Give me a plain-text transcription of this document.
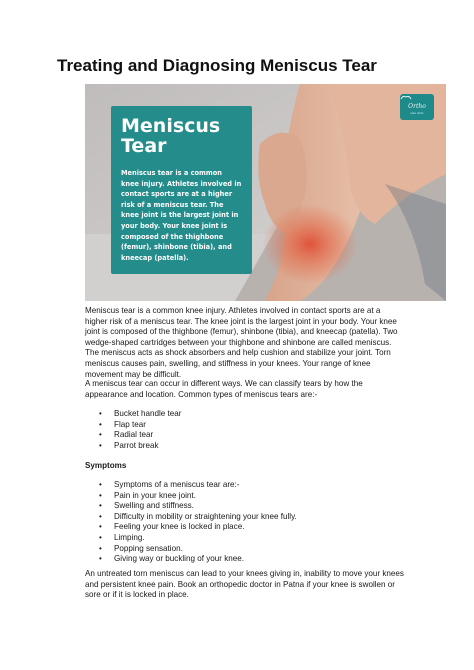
Treating and Diagnosing Meniscus Tear
Meniscus
Tear
Meniscus tear is a common
knee injury. Athletes involved in
contact sports are at a higher
risk of a meniscus tear. The
knee joint is the largest joint in
your body. Your knee joint is
composed of the thighbone
(femur), shinbone (tibia), and
kneecap (patella).
Ortho
care clinic
Meniscus tear is a common knee injury. Athletes involved in contact sports are at a
higher risk of a meniscus tear. The knee joint is the largest joint in your body. Your knee
joint is composed of the thighbone (femur), shinbone (tibia), and kneecap (patella). Two
wedge-shaped cartridges between your thighbone and shinbone are called meniscus.
The meniscus acts as shock absorbers and help cushion and stabilize your joint. Torn
meniscus causes pain, swelling, and stiffness in your knees. Your range of knee
movement may be difficult.
A meniscus tear can occur in different ways. We can classify tears by how the
appearance and location. Common types of meniscus tears are:-
•	Bucket handle tear
•	Flap tear
•	Radial tear
•	Parrot break
Symptoms
•	Symptoms of a meniscus tear are:-
•	Pain in your knee joint.
•	Swelling and stiffness.
•	Difficulty in mobility or straightening your knee fully.
•	Feeling your knee is locked in place.
•	Limping.
•	Popping sensation.
•	Giving way or buckling of your knee.
An untreated torn meniscus can lead to your knees giving in, inability to move your knees
and persistent knee pain. Book an orthopedic doctor in Patna if your knee is swollen or
sore or if it is locked in place.
